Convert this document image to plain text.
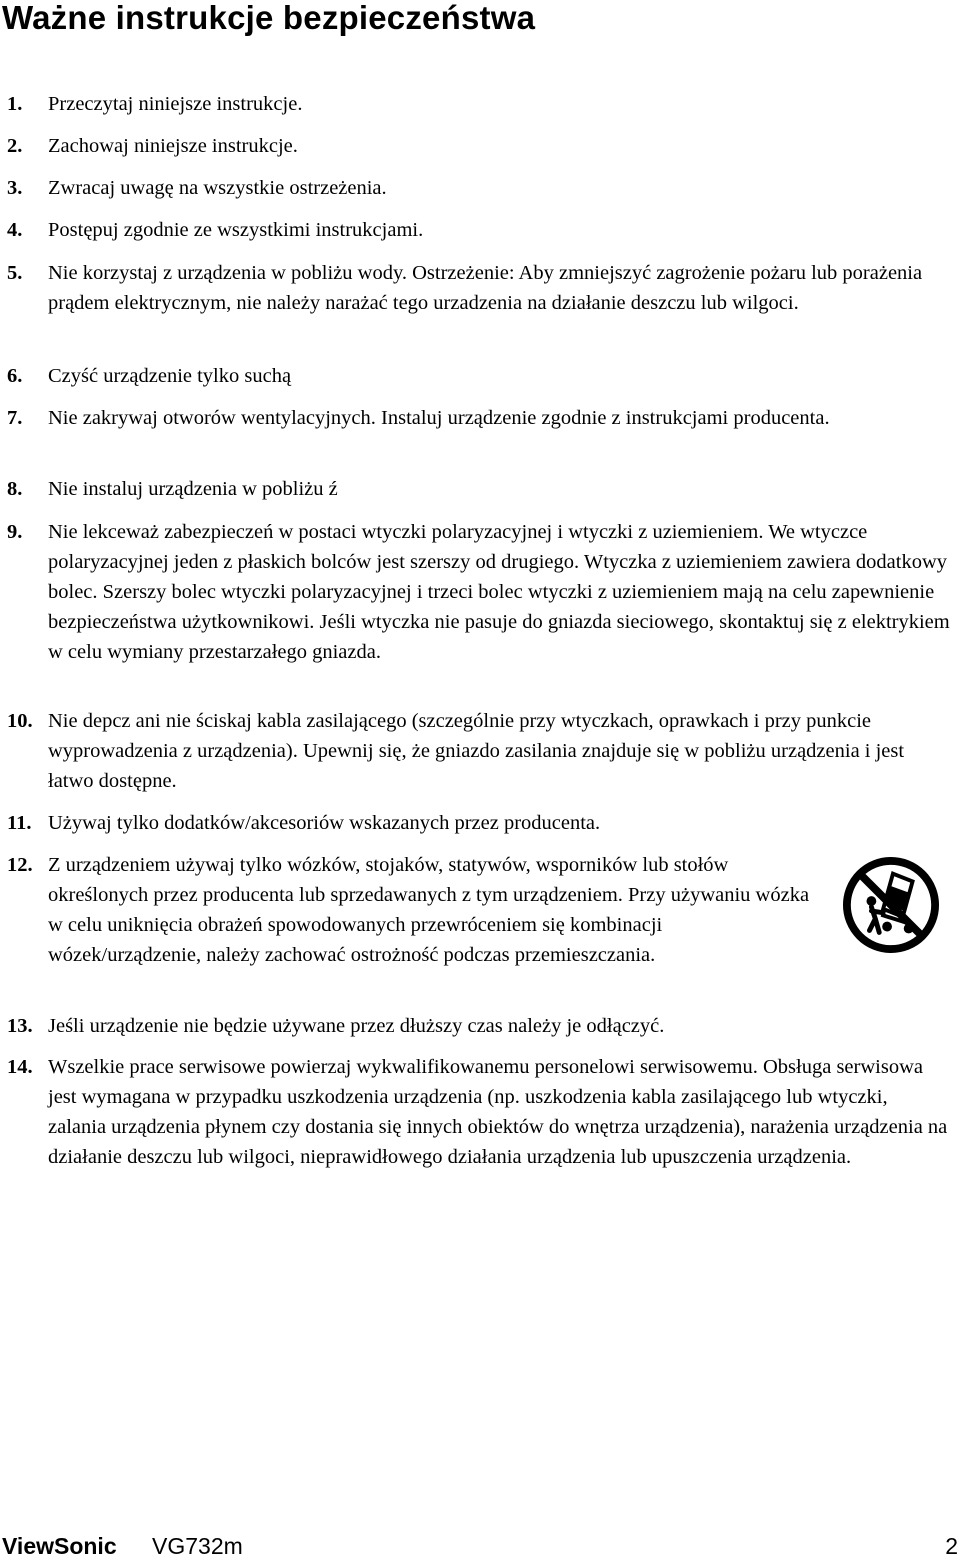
Ważne instrukcje bezpieczeństwa
1. Przeczytaj niniejsze instrukcje.
2. Zachowaj niniejsze instrukcje.
3. Zwracaj uwagę na wszystkie ostrzeżenia.
4. Postępuj zgodnie ze wszystkimi instrukcjami.
5. Nie korzystaj z urządzenia w pobliżu wody. Ostrzeżenie: Aby zmniejszyć zagrożenie pożaru lub porażenia prądem elektrycznym, nie należy narażać tego urzadzenia na działanie deszczu lub wilgoci.
6. Czyść urządzenie tylko suchą
7. Nie zakrywaj otworów wentylacyjnych. Instaluj urządzenie zgodnie z instrukcjami producenta.
8. Nie instaluj urządzenia w pobliżu ź
9. Nie lekceważ zabezpieczeń w postaci wtyczki polaryzacyjnej i wtyczki z uziemieniem. We wtyczce polaryzacyjnej jeden z płaskich bolców jest szerszy od drugiego. Wtyczka z uziemieniem zawiera dodatkowy bolec. Szerszy bolec wtyczki polaryzacyjnej i trzeci bolec wtyczki z uziemieniem mają na celu zapewnienie bezpieczeństwa użytkownikowi. Jeśli wtyczka nie pasuje do gniazda sieciowego, skontaktuj się z elektrykiem w celu wymiany przestarzałego gniazda.
10. Nie depcz ani nie ściskaj kabla zasilającego (szczególnie przy wtyczkach, oprawkach i przy punkcie wyprowadzenia z urządzenia). Upewnij się, że gniazdo zasilania znajduje się w pobliżu urządzenia i jest łatwo dostępne.
11. Używaj tylko dodatków/akcesoriów wskazanych przez producenta.
12. Z urządzeniem używaj tylko wózków, stojaków, statywów, wsporników lub stołów określonych przez producenta lub sprzedawanych z tym urządzeniem. Przy używaniu wózka w celu uniknięcia obrażeń spowodowanych przewróceniem się kombinacji wózek/urządzenie, należy zachować ostrożność podczas przemieszczania.
13. Jeśli urządzenie nie będzie używane przez dłuższy czas należy je odłączyć.
14. Wszelkie prace serwisowe powierzaj wykwalifikowanemu personelowi serwisowemu. Obsługa serwisowa jest wymagana w przypadku uszkodzenia urządzenia (np. uszkodzenia kabla zasilającego lub wtyczki, zalania urządzenia płynem czy dostania się innych obiektów do wnętrza urządzenia), narażenia urządzenia na działanie deszczu lub wilgoci, nieprawidłowego działania urządzenia lub upuszczenia urządzenia.
ViewSonic VG732m	2
